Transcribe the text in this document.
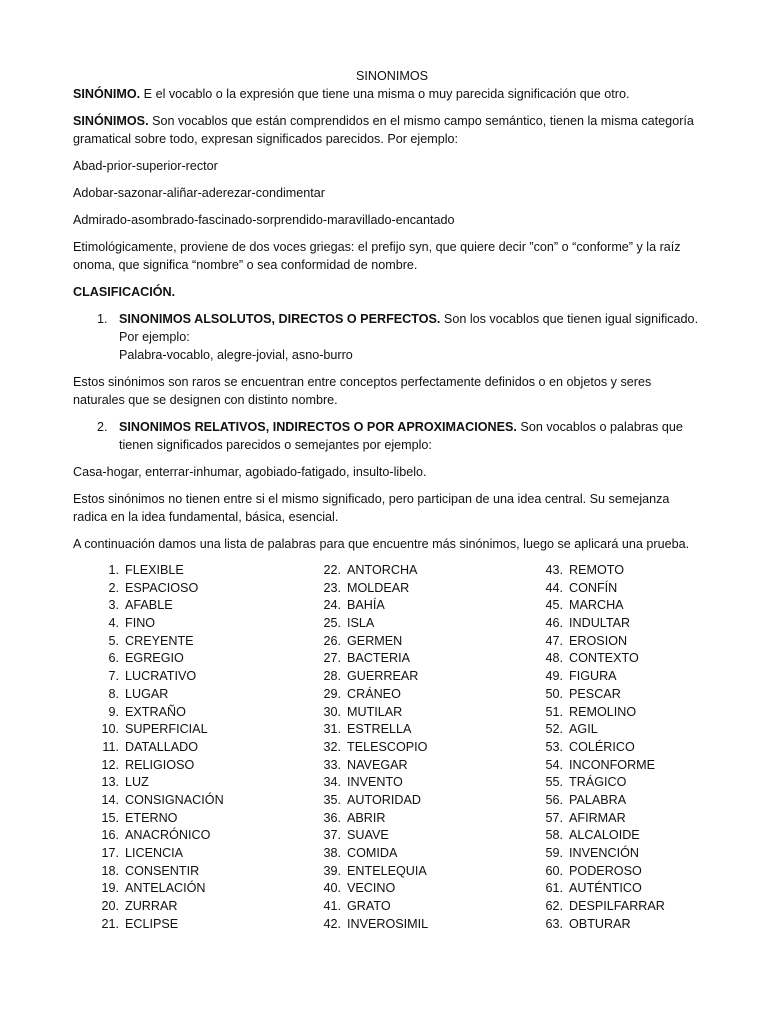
SINONIMOS

SINÓNIMO. E el vocablo o la expresión que tiene una misma o muy parecida significación que otro.

SINÓNIMOS. Son vocablos que están comprendidos en el mismo campo semántico, tienen la misma categoría gramatical sobre todo, expresan significados parecidos. Por ejemplo:

Abad-prior-superior-rector

Adobar-sazonar-aliñar-aderezar-condimentar

Admirado-asombrado-fascinado-sorprendido-maravillado-encantado

Etimológicamente, proviene de dos voces griegas: el prefijo syn, que quiere decir ”con” o “conforme” y la raíz onoma, que significa “nombre” o sea conformidad de nombre.

CLASIFICACIÓN.

1. SINONIMOS ALSOLUTOS, DIRECTOS O PERFECTOS. Son los vocablos que tienen igual significado.
Por ejemplo:
Palabra-vocablo, alegre-jovial, asno-burro

Estos sinónimos son raros se encuentran entre conceptos perfectamente definidos o en objetos y seres naturales que se designen con distinto nombre.

2. SINONIMOS RELATIVOS, INDIRECTOS O POR APROXIMACIONES. Son vocablos o palabras que tienen significados parecidos o semejantes por ejemplo:

Casa-hogar, enterrar-inhumar, agobiado-fatigado, insulto-libelo.

Estos sinónimos no tienen entre si el mismo significado, pero participan de una idea central. Su semejanza radica en la idea fundamental, básica, esencial.

A continuación damos una lista de palabras para que encuentre más sinónimos, luego se aplicará una prueba.

1. FLEXIBLE
2. ESPACIOSO
3. AFABLE
4. FINO
5. CREYENTE
6. EGREGIO
7. LUCRATIVO
8. LUGAR
9. EXTRAÑO
10. SUPERFICIAL
11. DATALLADO
12. RELIGIOSO
13. LUZ
14. CONSIGNACIÓN
15. ETERNO
16. ANACRÓNICO
17. LICENCIA
18. CONSENTIR
19. ANTELACIÓN
20. ZURRAR
21. ECLIPSE
22. ANTORCHA
23. MOLDEAR
24. BAHÍA
25. ISLA
26. GERMEN
27. BACTERIA
28. GUERREAR
29. CRÁNEO
30. MUTILAR
31. ESTRELLA
32. TELESCOPIO
33. NAVEGAR
34. INVENTO
35. AUTORIDAD
36. ABRIR
37. SUAVE
38. COMIDA
39. ENTELEQUIA
40. VECINO
41. GRATO
42. INVEROSIMIL
43. REMOTO
44. CONFÍN
45. MARCHA
46. INDULTAR
47. EROSION
48. CONTEXTO
49. FIGURA
50. PESCAR
51. REMOLINO
52. AGIL
53. COLÉRICO
54. INCONFORME
55. TRÁGICO
56. PALABRA
57. AFIRMAR
58. ALCALOIDE
59. INVENCIÓN
60. PODEROSO
61. AUTÉNTICO
62. DESPILFARRAR
63. OBTURAR
